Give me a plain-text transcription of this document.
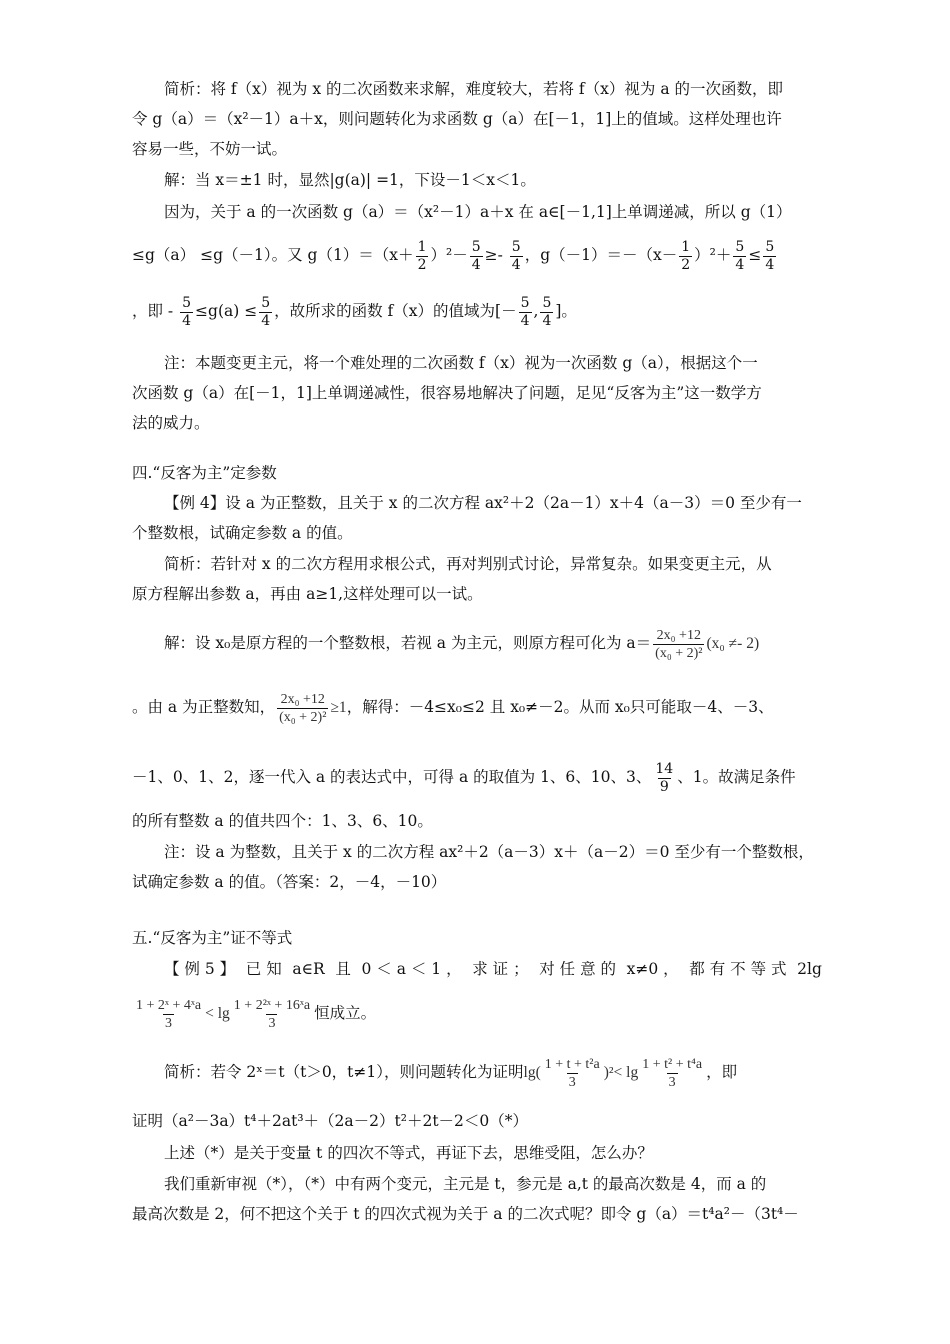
简析：将 f（x）视为 x 的二次函数来求解，难度较大，若将 f（x）视为 a 的一次函数，即
令 g（a）＝（x²－1）a＋x，则问题转化为求函数 g（a）在[－1，1]上的值域。这样处理也许
容易一些，不妨一试。
解：当 x＝±1 时，显然|g(a)| =1，下设－1＜x＜1。
因为，关于 a 的一次函数 g（a）＝（x²－1）a＋x 在 a∈[－1,1]上单调递减，所以 g（1）
≤g（a） ≤g（－1）。又 $g(1)=(x+ \frac{1}{2} )^2- \frac{5}{4} \ge- \frac{5}{4}$ ，$g(-1)=-(x- \frac{1}{2} )^2+ \frac{5}{4} \le \frac{5}{4}$
，即 - $\frac{5}{4} \le g(a) \le \frac{5}{4}$ ，故所求的函数 f（x）的值域为[－ $\frac{5}{4}$ , $\frac{5}{4}$ ]。
注：本题变更主元，将一个难处理的二次函数 f（x）视为一次函数 g（a），根据这个一
次函数 g（a）在[－1，1]上单调递减性，很容易地解决了问题，足见“反客为主”这一数学方
法的威力。
四.“反客为主”定参数
【例 4】设 a 为正整数，且关于 x 的二次方程 ax²＋2（2a－1）x＋4（a－3）＝0 至少有一
个整数根，试确定参数 a 的值。
简析：若针对 x 的二次方程用求根公式，再对判别式讨论，异常复杂。如果变更主元，从
原方程解出参数 a，再由 a≥1,这样处理可以一试。
解：设 x₀是原方程的一个整数根，若视 a 为主元，则原方程可化为 $a= \frac{\text{2x₀ +12}}{\text{(x₀ + 2)²}} (x_0 \ne- 2)$
。由 a 为正整数知， $\frac{\text{2x₀ +12}}{\text{(x₀ + 2)²}} \ge 1$，解得：－4≤x₀≤2 且 x₀≠－2。从而 x₀只可能取－4、－3、
－1、0、1、2，逐一代入 a 的表达式中，可得 a 的取值为 1、6、10、3、 $\frac{14}{9}$ 、1。故满足条件
的所有整数 a 的值共四个：1、3、6、10。
注：设 a 为整数，且关于 x 的二次方程 ax²＋2（a－3）x＋（a－2）＝0 至少有一个整数根，
试确定参数 a 的值。（答案：2，－4，－10）
五.“反客为主”证不等式
【 例 5 】 已 知 a∈R 且 0 ＜ a ＜ 1 ， 求 证 ； 对 任 意 的 x≠0 ， 都 有 不 等 式 2lg
$\frac{\text{1 + 2ˣ + 4ˣa}}{3} < \lg \frac{\text{1 + 2²ˣ + 16ˣa}}{3}$ 恒成立。
简析：若令 2ˣ＝t（t＞0，t≠1），则问题转化为证明$\lg( \frac{\text{1 + t + t²a}}{3} )^2< \lg \frac{\text{1 + t² + t⁴a}}{3}$ ，即
证明（a²－3a）t⁴＋2at³＋（2a－2）t²＋2t－2＜0（*）
上述（*）是关于变量 t 的四次不等式，再证下去，思维受阻，怎么办？
我们重新审视（*），（*）中有两个变元，主元是 t，参元是 a,t 的最高次数是 4，而 a 的
最高次数是 2，何不把这个关于 t 的四次式视为关于 a 的二次式呢？即令 g（a）＝t⁴a²－（3t⁴－
